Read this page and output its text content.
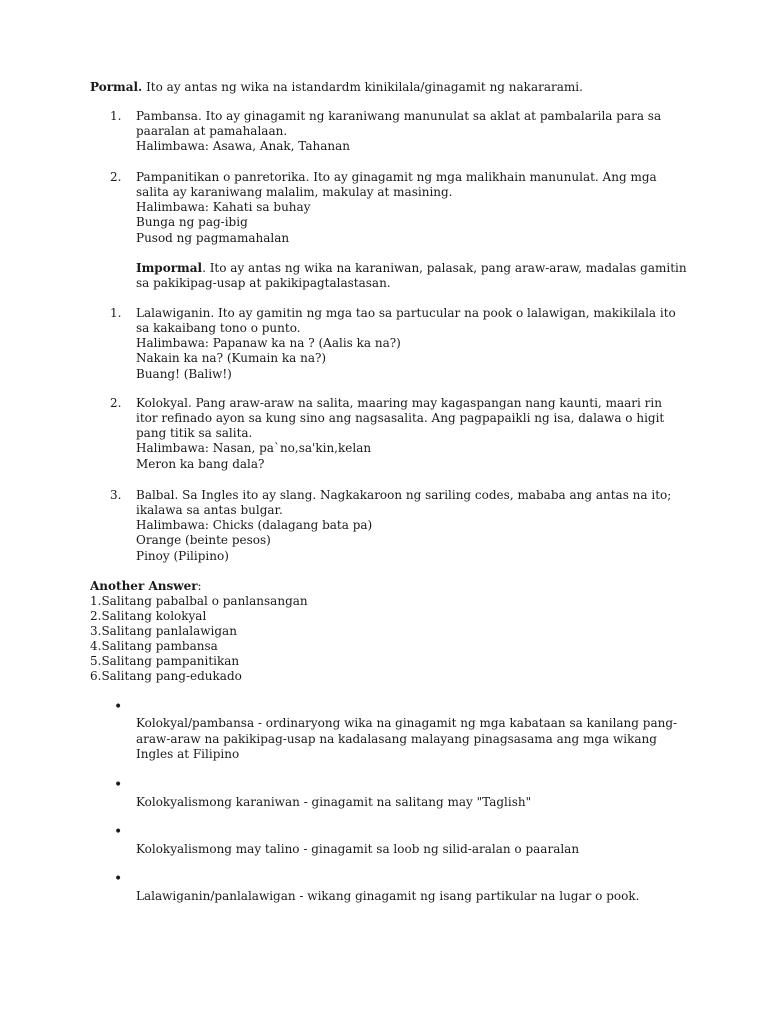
Pormal. Ito ay antas ng wika na istandardm kinikilala/ginagamit ng nakararami.
1. Pambansa. Ito ay ginagamit ng karaniwang manunulat sa aklat at pambalarila para sa
paaralan at pamahalaan.
Halimbawa: Asawa, Anak, Tahanan
2. Pampanitikan o panretorika. Ito ay ginagamit ng mga malikhain manunulat. Ang mga
salita ay karaniwang malalim, makulay at masining.
Halimbawa: Kahati sa buhay
Bunga ng pag-ibig
Pusod ng pagmamahalan
Impormal. Ito ay antas ng wika na karaniwan, palasak, pang araw-araw, madalas gamitin
sa pakikipag-usap at pakikipagtalastasan.
1. Lalawiganin. Ito ay gamitin ng mga tao sa partucular na pook o lalawigan, makikilala ito
sa kakaibang tono o punto.
Halimbawa: Papanaw ka na ? (Aalis ka na?)
Nakain ka na? (Kumain ka na?)
Buang! (Baliw!)
2. Kolokyal. Pang araw-araw na salita, maaring may kagaspangan nang kaunti, maari rin
itor refinado ayon sa kung sino ang nagsasalita. Ang pagpapaikli ng isa, dalawa o higit
pang titik sa salita.
Halimbawa: Nasan, pa`no,sa'kin,kelan
Meron ka bang dala?
3. Balbal. Sa Ingles ito ay slang. Nagkakaroon ng sariling codes, mababa ang antas na ito;
ikalawa sa antas bulgar.
Halimbawa: Chicks (dalagang bata pa)
Orange (beinte pesos)
Pinoy (Pilipino)
Another Answer:
1.Salitang pabalbal o panlansangan
2.Salitang kolokyal
3.Salitang panlalawigan
4.Salitang pambansa
5.Salitang pampanitikan
6.Salitang pang-edukado
•
Kolokyal/pambansa - ordinaryong wika na ginagamit ng mga kabataan sa kanilang pang-
araw-araw na pakikipag-usap na kadalasang malayang pinagsasama ang mga wikang
Ingles at Filipino
•
Kolokyalismong karaniwan - ginagamit na salitang may "Taglish"
•
Kolokyalismong may talino - ginagamit sa loob ng silid-aralan o paaralan
•
Lalawiganin/panlalawigan - wikang ginagamit ng isang partikular na lugar o pook.
